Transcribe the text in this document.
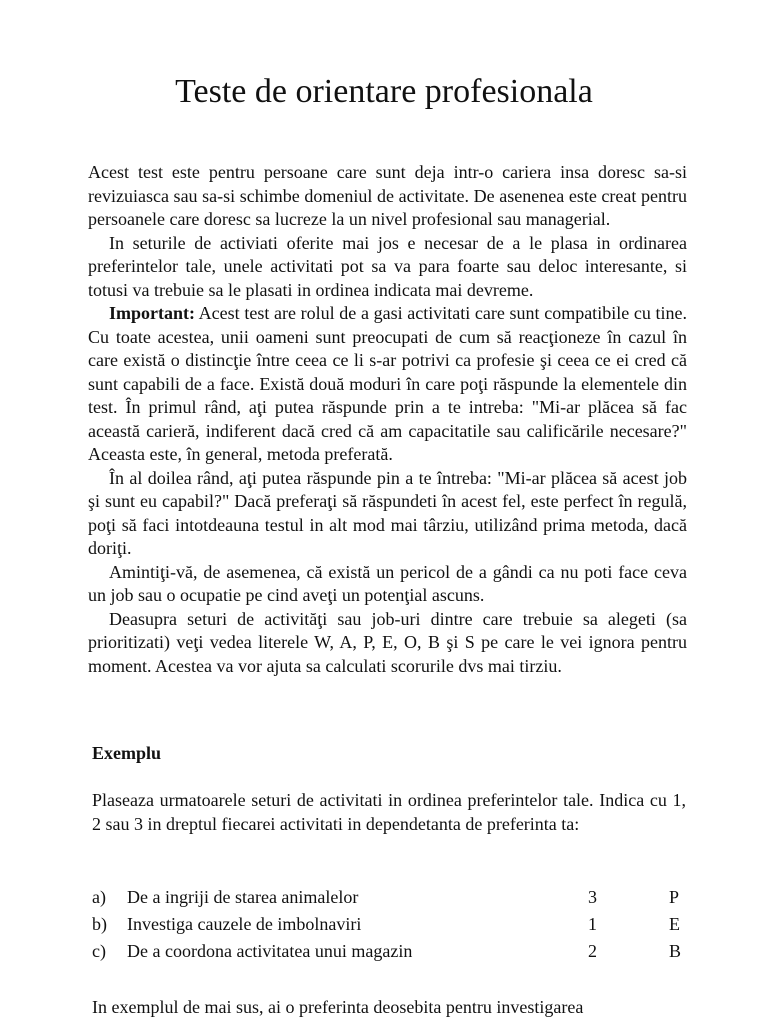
Teste de orientare profesionala

Acest test este pentru persoane care sunt deja intr-o cariera insa doresc sa-si revizuiasca sau sa-si schimbe domeniul de activitate. De asenenea este creat pentru persoanele care doresc sa lucreze la un nivel profesional sau managerial.

In seturile de activiati oferite mai jos e necesar de a le plasa in ordinarea preferintelor tale, unele activitati pot sa va para foarte sau deloc interesante, si totusi va trebuie sa le plasati in ordinea indicata mai devreme.

Important: Acest test are rolul de a gasi activitati care sunt compatibile cu tine. Cu toate acestea, unii oameni sunt preocupati de cum să reacţioneze în cazul în care există o distincţie între ceea ce li s-ar potrivi ca profesie şi ceea ce ei cred că sunt capabili de a face. Există două moduri în care poţi răspunde la elementele din test. În primul rând, aţi putea răspunde prin a te intreba: "Mi-ar plăcea să fac această carieră, indiferent dacă cred că am capacitatile sau calificările necesare?" Aceasta este, în general, metoda preferată.

În al doilea rând, aţi putea răspunde pin a te întreba: "Mi-ar plăcea să acest job şi sunt eu capabil?" Dacă preferaţi să răspundeti în acest fel, este perfect în regulă, poţi să faci intotdeauna testul in alt mod mai târziu, utilizând prima metoda, dacă doriţi.

Amintiţi-vă, de asemenea, că există un pericol de a gândi ca nu poti face ceva un job sau o ocupatie pe cind aveţi un potenţial ascuns.

Deasupra seturi de activităţi sau job-uri dintre care trebuie sa alegeti (sa prioritizati) veţi vedea literele W, A, P, E, O, B şi S pe care le vei ignora pentru moment. Acestea va vor ajuta sa calculati scorurile dvs mai tirziu.

Exemplu

Plaseaza urmatoarele seturi de activitati in ordinea preferintelor tale. Indica cu 1, 2 sau 3 in dreptul fiecarei activitati in dependetanta de preferinta ta:

a) De a ingriji de starea animalelor	3	P
b) Investiga cauzele de imbolnaviri	1	E
c) De a coordona activitatea unui magazin	2	B

In exemplul de mai sus, ai o preferinta deosebita pentru investigarea
